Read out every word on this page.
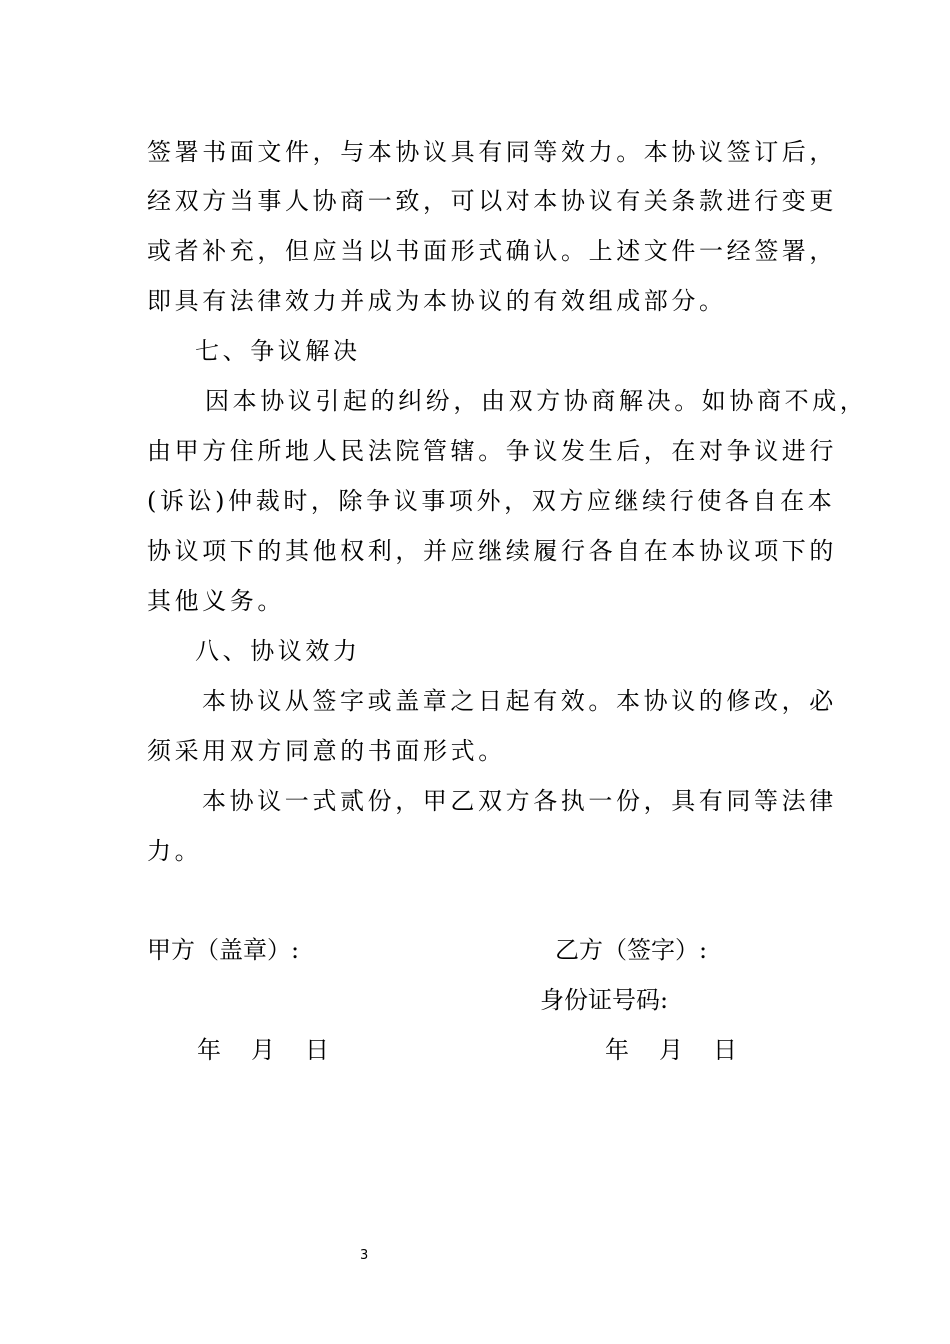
签署书面文件，与本协议具有同等效力。本协议签订后，
经双方当事人协商一致，可以对本协议有关条款进行变更
或者补充，但应当以书面形式确认。上述文件一经签署，
即具有法律效力并成为本协议的有效组成部分。
七、争议解决
因本协议引起的纠纷，由双方协商解决。如协商不成，
由甲方住所地人民法院管辖。争议发生后，在对争议进行
(诉讼)仲裁时，除争议事项外，双方应继续行使各自在本
协议项下的其他权利，并应继续履行各自在本协议项下的
其他义务。
八、协议效力
本协议从签字或盖章之日起有效。本协议的修改，必
须采用双方同意的书面形式。
本协议一式贰份，甲乙双方各执一份，具有同等法律
力。
甲方（盖章）:	乙方（签字）:
身份证号码:
年 月 日	年 月 日
3
